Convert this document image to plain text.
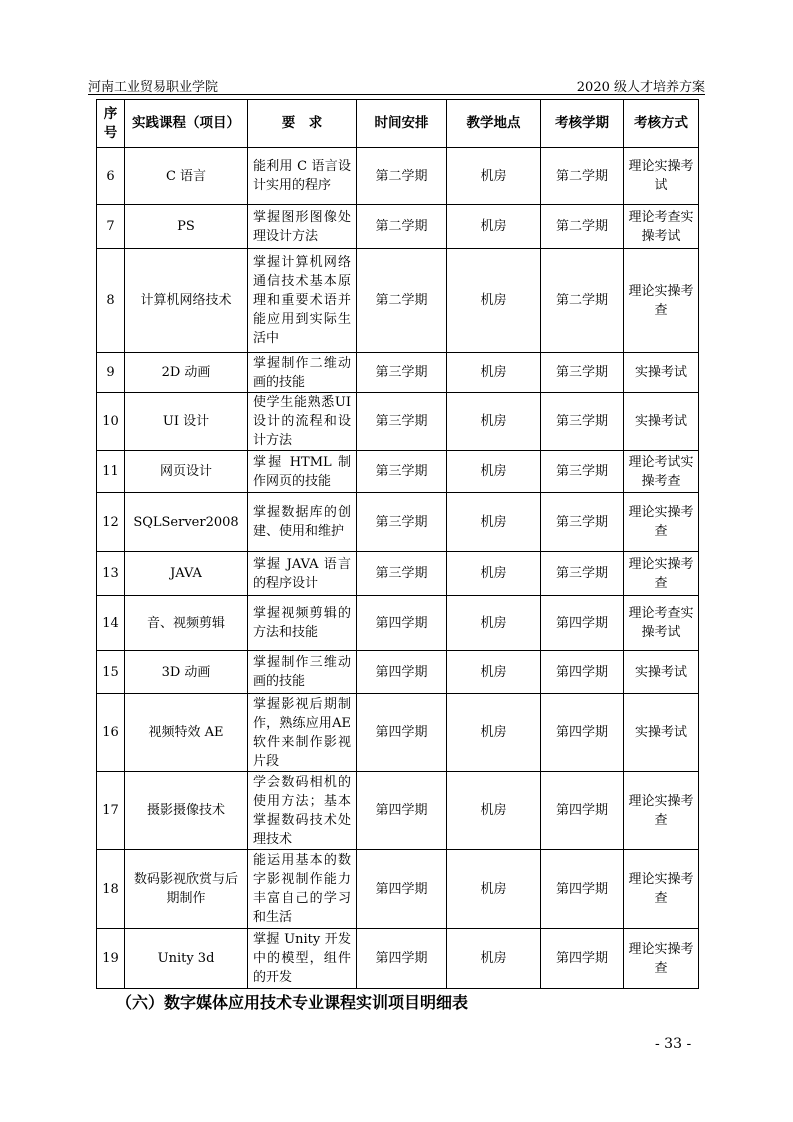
河南工业贸易职业学院	2020 级人才培养方案
序号	实践课程（项目）	要　求	时间安排	教学地点	考核学期	考核方式
6	C 语言	能利用 C 语言设计实用的程序	第二学期	机房	第二学期	理论实操考试
7	PS	掌握图形图像处理设计方法	第二学期	机房	第二学期	理论考查实操考试
8	计算机网络技术	掌握计算机网络通信技术基本原理和重要术语并能应用到实际生活中	第二学期	机房	第二学期	理论实操考查
9	2D 动画	掌握制作二维动画的技能	第三学期	机房	第三学期	实操考试
10	UI 设计	使学生能熟悉UI 设计的流程和设计方法	第三学期	机房	第三学期	实操考试
11	网页设计	掌握 HTML 制作网页的技能	第三学期	机房	第三学期	理论考试实操考查
12	SQLServer2008	掌握数据库的创建、使用和维护	第三学期	机房	第三学期	理论实操考查
13	JAVA	掌握 JAVA 语言的程序设计	第三学期	机房	第三学期	理论实操考查
14	音、视频剪辑	掌握视频剪辑的方法和技能	第四学期	机房	第四学期	理论考查实操考试
15	3D 动画	掌握制作三维动画的技能	第四学期	机房	第四学期	实操考试
16	视频特效 AE	掌握影视后期制作，熟练应用AE 软件来制作影视片段	第四学期	机房	第四学期	实操考试
17	摄影摄像技术	学会数码相机的使用方法；基本掌握数码技术处理技术	第四学期	机房	第四学期	理论实操考查
18	数码影视欣赏与后期制作	能运用基本的数字影视制作能力丰富自己的学习和生活	第四学期	机房	第四学期	理论实操考查
19	Unity 3d	掌握 Unity 开发中的模型，组件的开发	第四学期	机房	第四学期	理论实操考查
（六）数字媒体应用技术专业课程实训项目明细表
- 33 -
